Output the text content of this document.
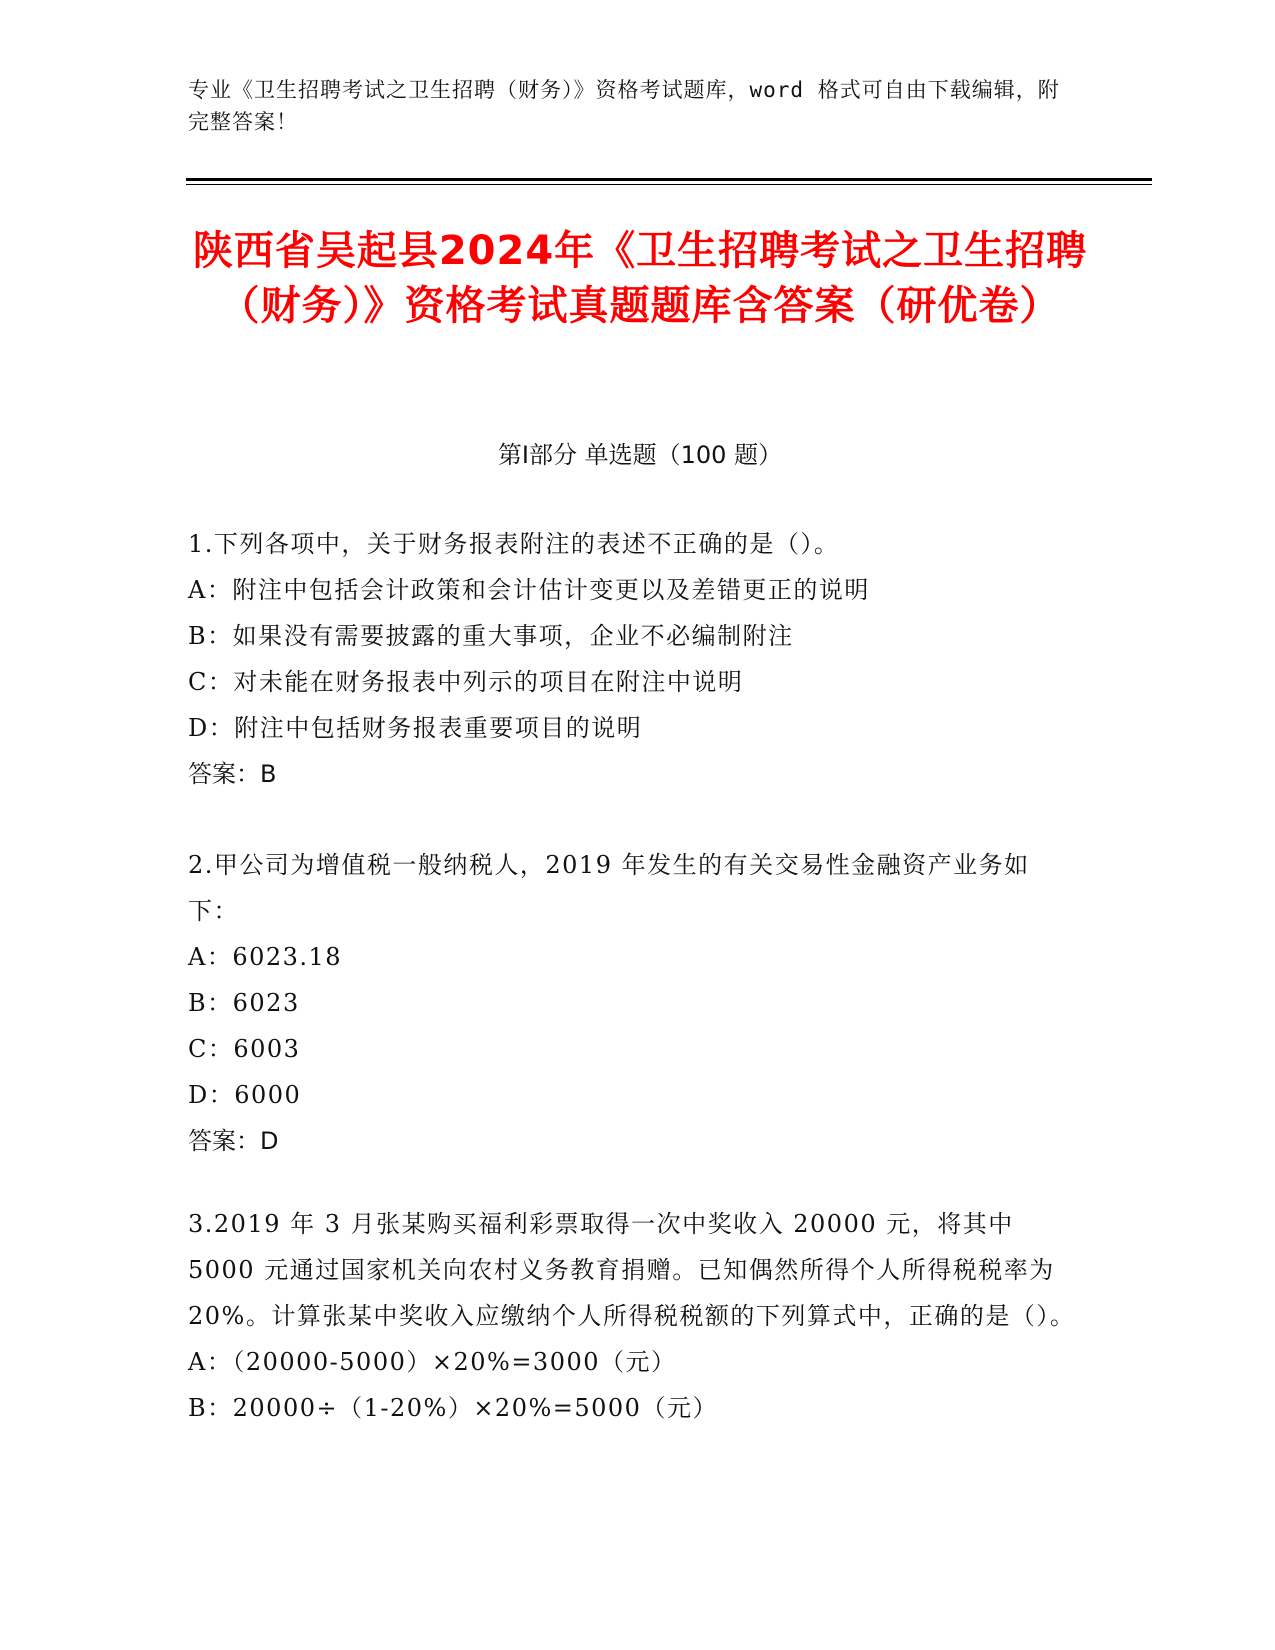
专业《卫生招聘考试之卫生招聘（财务）》资格考试题库，word 格式可自由下载编辑，附完整答案！
陕西省吴起县2024年《卫生招聘考试之卫生招聘（财务）》资格考试真题题库含答案（研优卷）
第Ⅰ部分 单选题（100 题）

1.下列各项中，关于财务报表附注的表述不正确的是（）。

A：附注中包括会计政策和会计估计变更以及差错更正的说明

B：如果没有需要披露的重大事项，企业不必编制附注

C：对未能在财务报表中列示的项目在附注中说明

D：附注中包括财务报表重要项目的说明

答案：B

2.甲公司为增值税一般纳税人，2019 年发生的有关交易性金融资产业务如下：

A：6023.18

B：6023

C：6003

D：6000

答案：D

3.2019 年 3 月张某购买福利彩票取得一次中奖收入 20000 元，将其中 5000 元通过国家机关向农村义务教育捐赠。已知偶然所得个人所得税税率为 20%。计算张某中奖收入应缴纳个人所得税税额的下列算式中，正确的是（）。

A：（20000-5000）×20%=3000（元）

B：20000÷（1-20%）×20%=5000（元）
